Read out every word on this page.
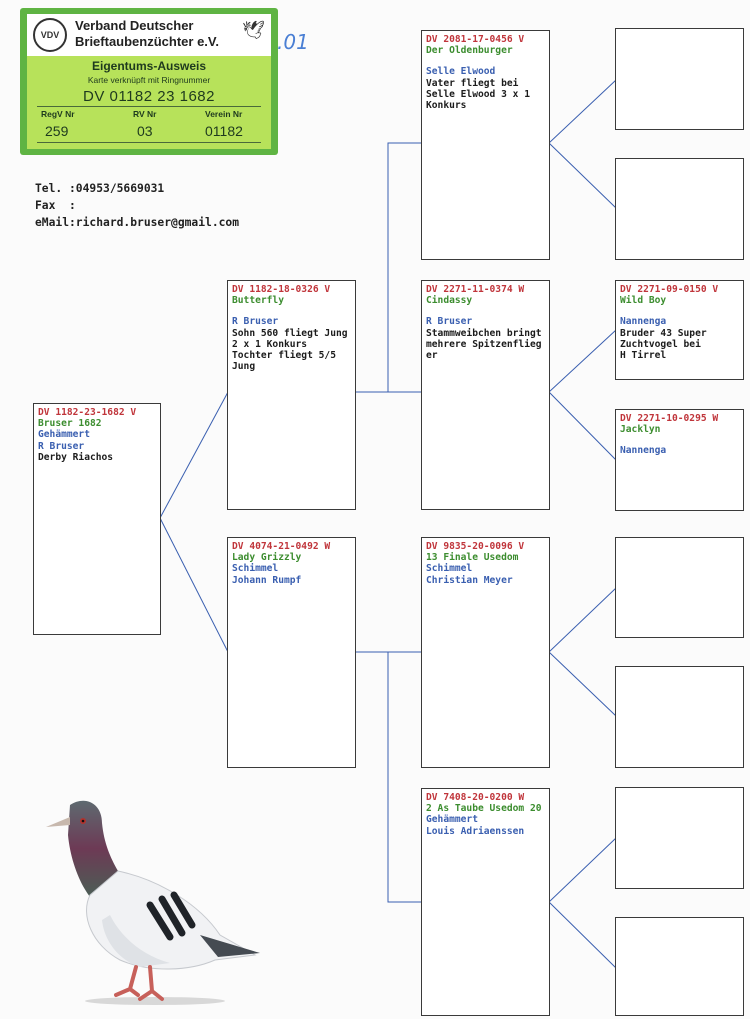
VDV
Verband Deutscher
Brieftaubenzüchter e.V.
🕊
Eigentums-Ausweis
Karte verknüpft mit Ringnummer
DV 01182 23 1682
RegV Nr	RV Nr	Verein Nr
259	03	01182
.01
Tel. :04953/5669031
Fax  :
eMail:richard.bruser@gmail.com
DV 1182-23-1682 V
Bruser 1682
Gehämmert
R Bruser
Derby Riachos
DV 1182-18-0326 V
Butterfly
R Bruser
Sohn 560 fliegt Jung
2 x 1 Konkurs
Tochter fliegt 5/5
Jung
DV 4074-21-0492 W
Lady Grizzly
Schimmel
Johann Rumpf
DV 2081-17-0456 V
Der Oldenburger
Selle Elwood
Vater fliegt bei
Selle Elwood 3 x 1
Konkurs
DV 2271-11-0374 W
Cindassy
R Bruser
Stammweibchen bringt
mehrere Spitzenflieg
er
DV 9835-20-0096 V
13 Finale Usedom
Schimmel
Christian Meyer
DV 7408-20-0200 W
2 As Taube Usedom 20
Gehämmert
Louis Adriaenssen
DV 2271-09-0150 V
Wild Boy
Nannenga
Bruder 43 Super
Zuchtvogel bei
H Tirrel
DV 2271-10-0295 W
Jacklyn
Nannenga
